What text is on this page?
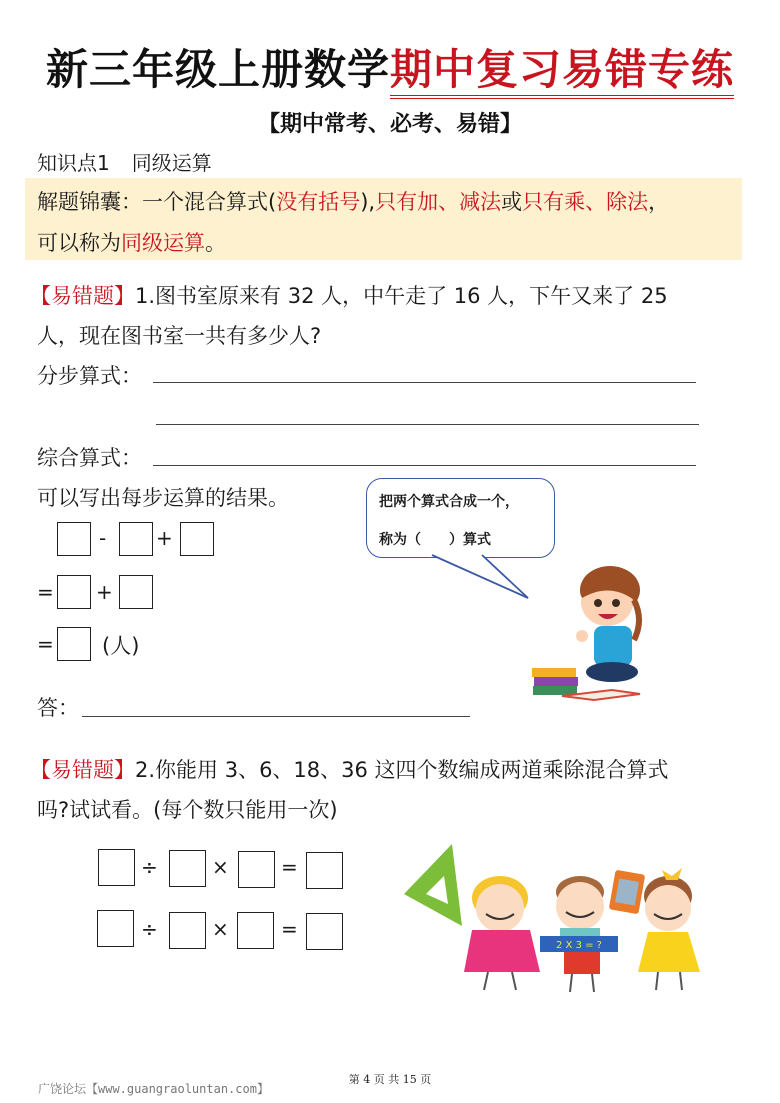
新三年级上册数学期中复习易错专练
【期中常考、必考、易错】
知识点1 同级运算
解题锦囊：一个混合算式(没有括号),只有加、减法或只有乘、除法，
可以称为同级运算。
【易错题】1.图书室原来有 32 人，中午走了 16 人，下午又来了 25
人，现在图书室一共有多少人?
分步算式：
综合算式：
可以写出每步运算的结果。
- +
= +
= (人)
把两个算式合成一个，
称为（　　）算式
答：
【易错题】2.你能用 3、6、18、36 这四个数编成两道乘除混合算式
吗?试试看。(每个数只能用一次)
÷	×	=
÷	×	=
2 X 3 = ?
第 4 页 共 15 页
广饶论坛【www.guangraoluntan.com】
